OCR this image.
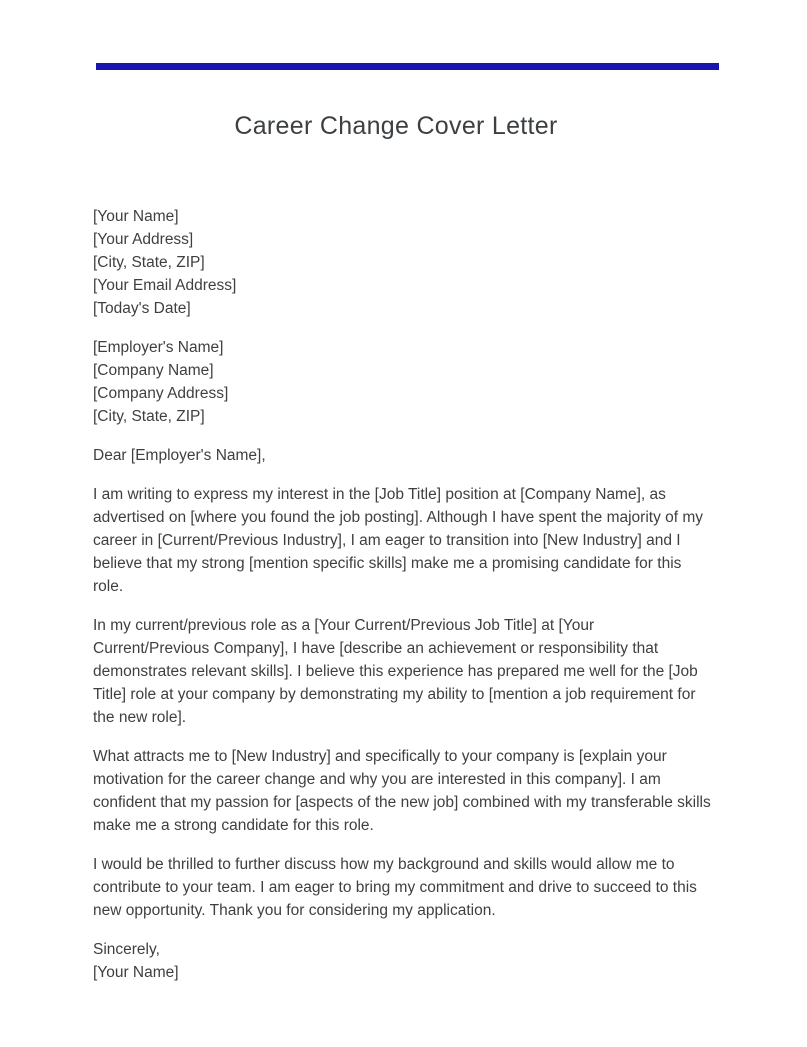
Career Change Cover Letter
[Your Name]
[Your Address]
[City, State, ZIP]
[Your Email Address]
[Today's Date]
[Employer's Name]
[Company Name]
[Company Address]
[City, State, ZIP]

Dear [Employer's Name],

I am writing to express my interest in the [Job Title] position at [Company Name], as advertised on [where you found the job posting]. Although I have spent the majority of my career in [Current/Previous Industry], I am eager to transition into [New Industry] and I believe that my strong [mention specific skills] make me a promising candidate for this role.

In my current/previous role as a [Your Current/Previous Job Title] at [Your Current/Previous Company], I have [describe an achievement or responsibility that demonstrates relevant skills]. I believe this experience has prepared me well for the [Job Title] role at your company by demonstrating my ability to [mention a job requirement for the new role].

What attracts me to [New Industry] and specifically to your company is [explain your motivation for the career change and why you are interested in this company]. I am confident that my passion for [aspects of the new job] combined with my transferable skills make me a strong candidate for this role.

I would be thrilled to further discuss how my background and skills would allow me to contribute to your team. I am eager to bring my commitment and drive to succeed to this new opportunity. Thank you for considering my application.

Sincerely,
[Your Name]
